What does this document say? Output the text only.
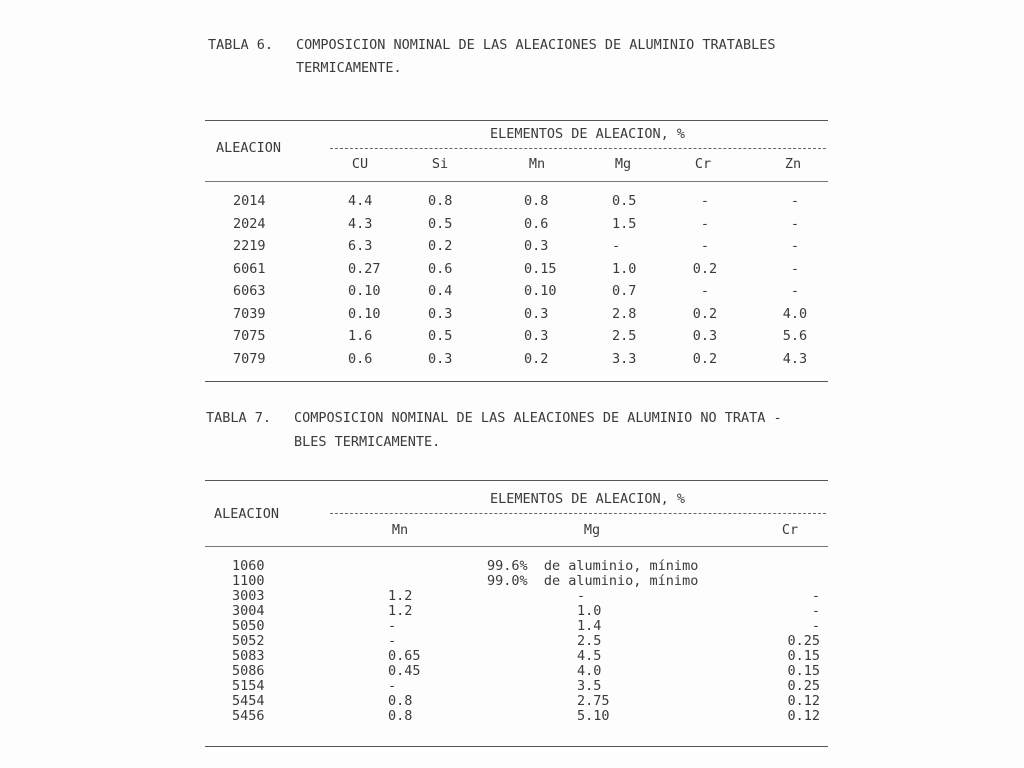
TABLA 6. COMPOSICION NOMINAL DE LAS ALEACIONES DE ALUMINIO TRATABLES
TERMICAMENTE.
ALEACION
ELEMENTOS DE ALEACION, %
CU	Si	Mn	Mg	Cr	Zn
2014	4.4	0.8	0.8	0.5	-	-
2024	4.3	0.5	0.6	1.5	-	-
2219	6.3	0.2	0.3	-	-	-
6061	0.27	0.6	0.15	1.0	0.2	-
6063	0.10	0.4	0.10	0.7	-	-
7039	0.10	0.3	0.3	2.8	0.2	4.0
7075	1.6	0.5	0.3	2.5	0.3	5.6
7079	0.6	0.3	0.2	3.3	0.2	4.3
TABLA 7. COMPOSICION NOMINAL DE LAS ALEACIONES DE ALUMINIO NO TRATA -
BLES TERMICAMENTE.
ALEACION
ELEMENTOS DE ALEACION, %
Mn	Mg	Cr
1060	99.6%  de aluminio, mínimo
1100	99.0%  de aluminio, mínimo
3003	1.2	-	-
3004	1.2	1.0	-
5050	-	1.4	-
5052	-	2.5	0.25
5083	0.65	4.5	0.15
5086	0.45	4.0	0.15
5154	-	3.5	0.25
5454	0.8	2.75	0.12
5456	0.8	5.10	0.12
